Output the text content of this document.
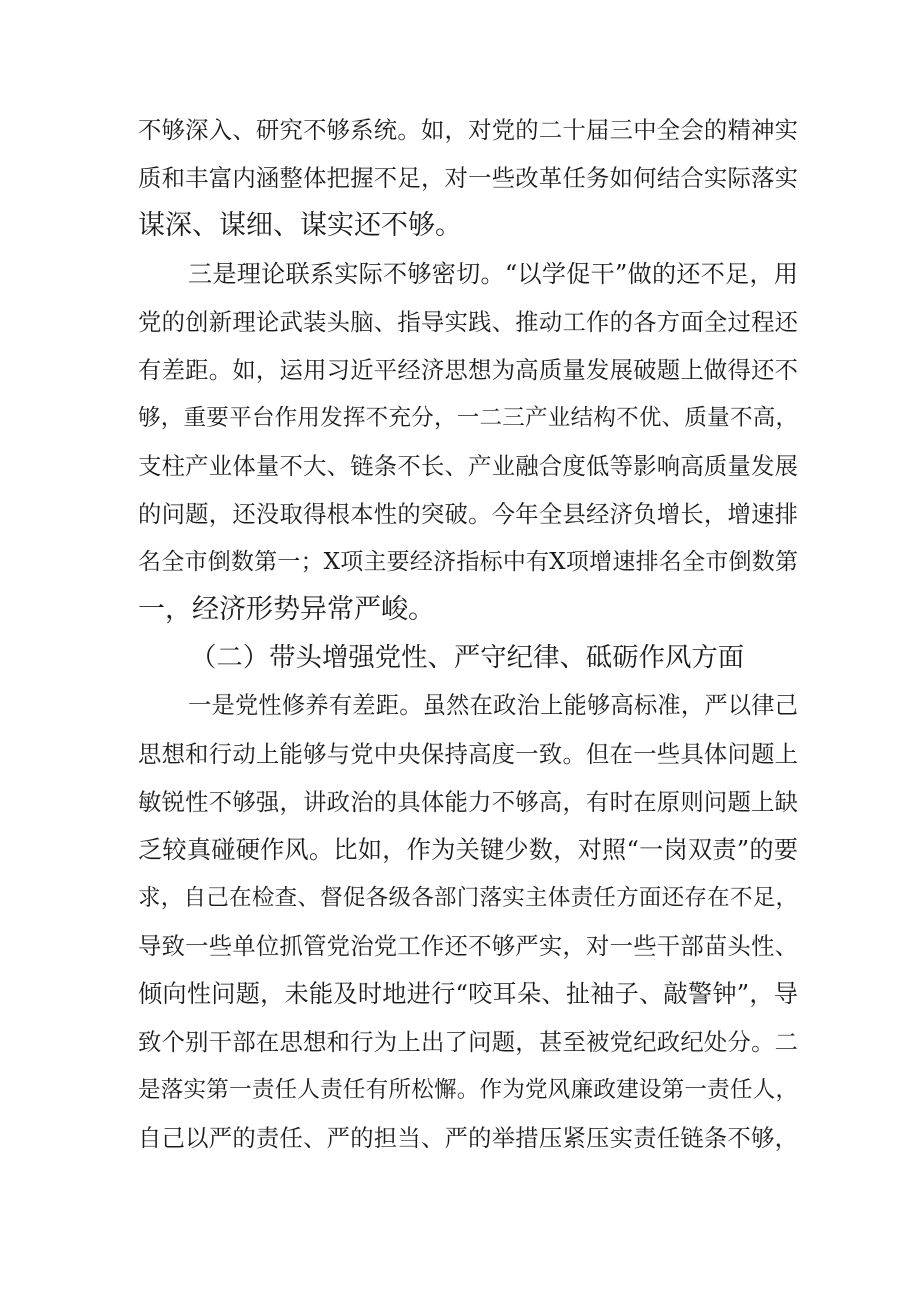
不够深入、研究不够系统。如，对党的二十届三中全会的精神实
质和丰富内涵整体把握不足，对一些改革任务如何结合实际落实
谋深、谋细、谋实还不够。
三是理论联系实际不够密切。“以学促干”做的还不足，用
党的创新理论武装头脑、指导实践、推动工作的各方面全过程还
有差距。如，运用习近平经济思想为高质量发展破题上做得还不
够，重要平台作用发挥不充分，一二三产业结构不优、质量不高，
支柱产业体量不大、链条不长、产业融合度低等影响高质量发展
的问题，还没取得根本性的突破。今年全县经济负增长，增速排
名全市倒数第一；X项主要经济指标中有X项增速排名全市倒数第
一，经济形势异常严峻。
（二）带头增强党性、严守纪律、砥砺作风方面
一是党性修养有差距。虽然在政治上能够高标准，严以律己
思想和行动上能够与党中央保持高度一致。但在一些具体问题上
敏锐性不够强，讲政治的具体能力不够高，有时在原则问题上缺
乏较真碰硬作风。比如，作为关键少数，对照“一岗双责”的要
求，自己在检查、督促各级各部门落实主体责任方面还存在不足，
导致一些单位抓管党治党工作还不够严实，对一些干部苗头性、
倾向性问题，未能及时地进行“咬耳朵、扯袖子、敲警钟”，导
致个别干部在思想和行为上出了问题，甚至被党纪政纪处分。二
是落实第一责任人责任有所松懈。作为党风廉政建设第一责任人，
自己以严的责任、严的担当、严的举措压紧压实责任链条不够，
